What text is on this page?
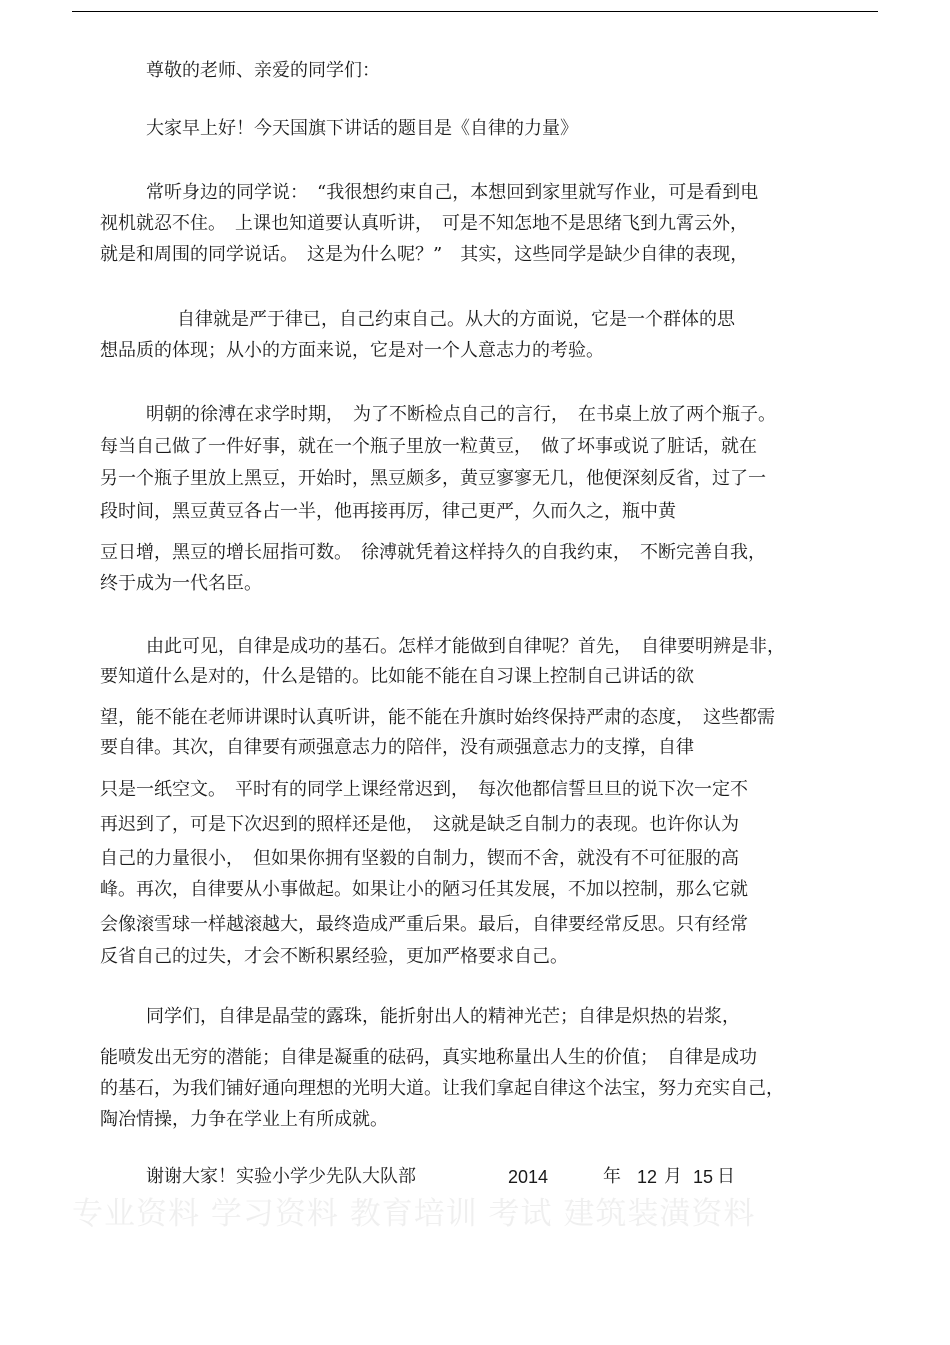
尊敬的老师、亲爱的同学们：
大家早上好！今天国旗下讲话的题目是《自律的力量》
常听身边的同学说：　“我很想约束自己，本想回到家里就写作业，可是看到电
视机就忍不住。　上课也知道要认真听讲，　可是不知怎地不是思绪飞到九霄云外，
就是和周围的同学说话。　这是为什么呢？”　其实，这些同学是缺少自律的表现，
自律就是严于律已，自己约束自己。从大的方面说，它是一个群体的思
想品质的体现；从小的方面来说，它是对一个人意志力的考验。
明朝的徐溥在求学时期，　为了不断检点自己的言行，　在书桌上放了两个瓶子。
每当自己做了一件好事，就在一个瓶子里放一粒黄豆，　做了坏事或说了脏话，就在
另一个瓶子里放上黑豆，开始时，黑豆颇多，黄豆寥寥无几，他便深刻反省，过了一
段时间，黑豆黄豆各占一半，他再接再厉，律己更严，久而久之，瓶中黄
豆日增，黑豆的增长屈指可数。　徐溥就凭着这样持久的自我约束，　不断完善自我，
终于成为一代名臣。
由此可见，自律是成功的基石。怎样才能做到自律呢？首先，　自律要明辨是非，
要知道什么是对的，什么是错的。比如能不能在自习课上控制自己讲话的欲
望，能不能在老师讲课时认真听讲，能不能在升旗时始终保持严肃的态度，　这些都需
要自律。其次，自律要有顽强意志力的陪伴，没有顽强意志力的支撑，自律
只是一纸空文。　平时有的同学上课经常迟到，　每次他都信誓旦旦的说下次一定不
再迟到了，可是下次迟到的照样还是他，　这就是缺乏自制力的表现。也许你认为
自己的力量很小，　但如果你拥有坚毅的自制力，锲而不舍，就没有不可征服的高
峰。再次，自律要从小事做起。如果让小的陋习任其发展，不加以控制，那么它就
会像滚雪球一样越滚越大，最终造成严重后果。最后，自律要经常反思。只有经常
反省自己的过失，才会不断积累经验，更加严格要求自己。
同学们，自律是晶莹的露珠，能折射出人的精神光芒；自律是炽热的岩浆，
能喷发出无穷的潜能；自律是凝重的砝码，真实地称量出人生的价值；　自律是成功
的基石，为我们铺好通向理想的光明大道。让我们拿起自律这个法宝，努力充实自己，
陶冶情操，力争在学业上有所成就。
谢谢大家！实验小学少先队大队部	2014	年 12 月 15 日
专业资料 学习资料 教育培训 考试 建筑装潢资料
